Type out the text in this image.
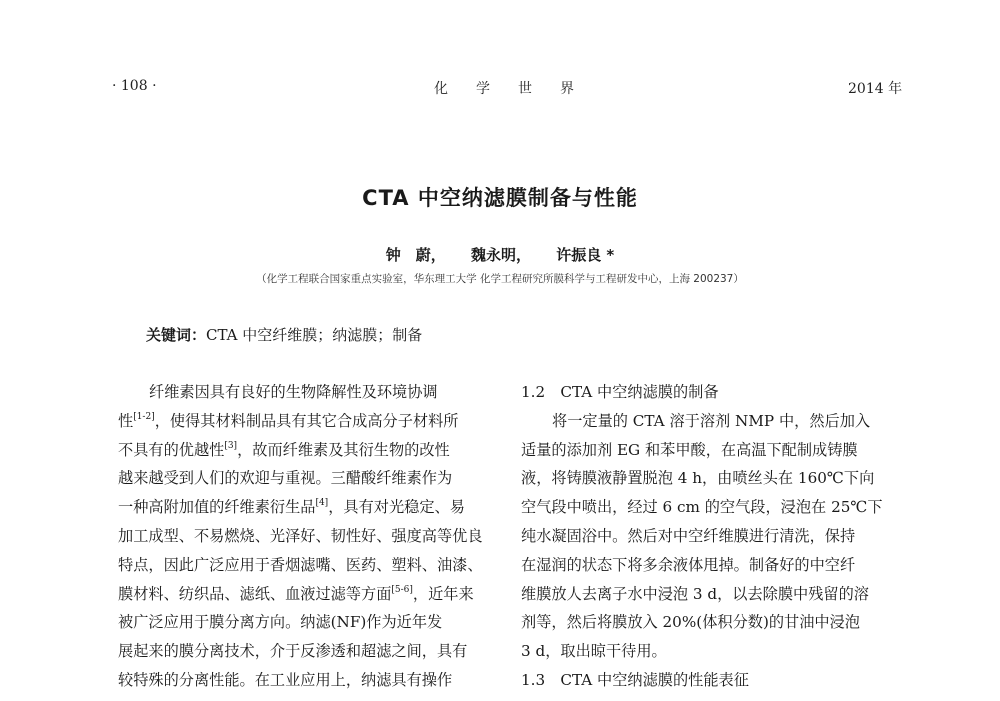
· 108 ·	化　　学　　世　　界	2014 年
CTA 中空纳滤膜制备与性能
钟　蔚， 魏永明， 许振良 *
（化学工程联合国家重点实验室，华东理工大学 化学工程研究所膜科学与工程研发中心，上海 200237）
关键词：CTA 中空纤维膜；纳滤膜；制备
纤维素因具有良好的生物降解性及环境协调
性[1-2]，使得其材料制品具有其它合成高分子材料所
不具有的优越性[3]，故而纤维素及其衍生物的改性
越来越受到人们的欢迎与重视。三醋酸纤维素作为
一种高附加值的纤维素衍生品[4]，具有对光稳定、易
加工成型、不易燃烧、光泽好、韧性好、强度高等优良
特点，因此广泛应用于香烟滤嘴、医药、塑料、油漆、
膜材料、纺织品、滤纸、血液过滤等方面[5-6]，近年来
被广泛应用于膜分离方向。纳滤(NF)作为近年发
展起来的膜分离技术，介于反渗透和超滤之间，具有
较特殊的分离性能。在工业应用上，纳滤具有操作
1.2　CTA 中空纳滤膜的制备
将一定量的 CTA 溶于溶剂 NMP 中，然后加入
适量的添加剂 EG 和苯甲酸，在高温下配制成铸膜
液，将铸膜液静置脱泡 4 h，由喷丝头在 160℃下向
空气段中喷出，经过 6 cm 的空气段，浸泡在 25℃下
纯水凝固浴中。然后对中空纤维膜进行清洗，保持
在湿润的状态下将多余液体甩掉。制备好的中空纤
维膜放人去离子水中浸泡 3 d，以去除膜中残留的溶
剂等，然后将膜放入 20%(体积分数)的甘油中浸泡
3 d，取出晾干待用。
1.3　CTA 中空纳滤膜的性能表征
